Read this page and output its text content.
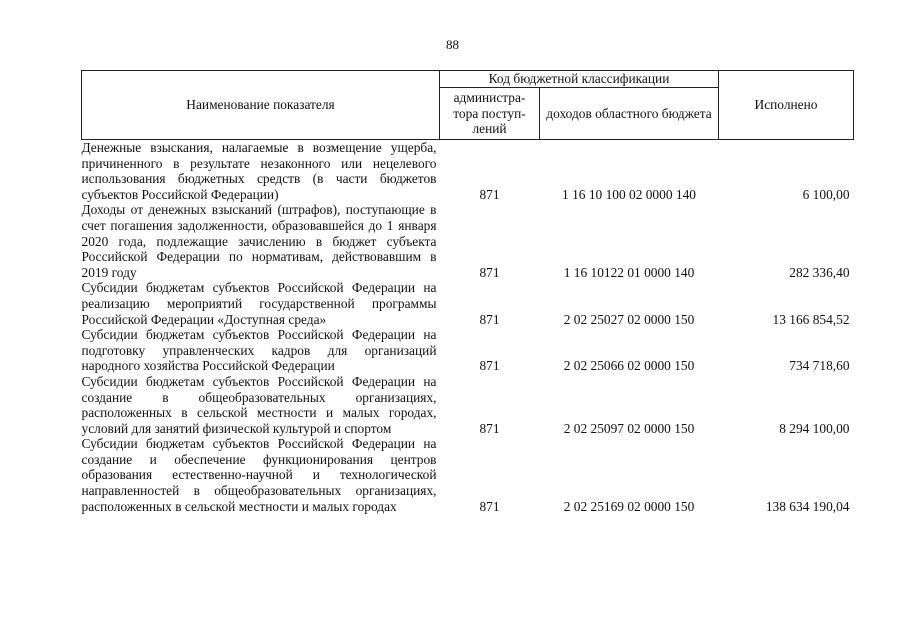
88
Наименование показателя	Код бюджетной классификации		Исполнено
	администра-тора поступ-лений	доходов областного бюджета	
Денежные взыскания, налагаемые в возмещение ущерба, причиненного в результате незаконного или нецелевого использования бюджетных средств (в части бюджетов субъектов Российской Федерации)	871	1 16 10 100 02 0000 140	6 100,00
Доходы от денежных взысканий (штрафов), поступающие в счет погашения задолженности, образовавшейся до 1 января 2020 года, подлежащие зачислению в бюджет субъекта Российской Федерации по нормативам, действовавшим в 2019 году	871	1 16 10122 01 0000 140	282 336,40
Субсидии бюджетам субъектов Российской Федерации на реализацию мероприятий государственной программы Российской Федерации «Доступная среда»	871	2 02 25027 02 0000 150	13 166 854,52
Субсидии бюджетам субъектов Российской Федерации на подготовку управленческих кадров для организаций народного хозяйства Российской Федерации	871	2 02 25066 02 0000 150	734 718,60
Субсидии бюджетам субъектов Российской Федерации на создание в общеобразовательных организациях, расположенных в сельской местности и малых городах, условий для занятий физической культурой и спортом	871	2 02 25097 02 0000 150	8 294 100,00
Субсидии бюджетам субъектов Российской Федерации на создание и обеспечение функционирования центров образования естественно-научной и технологической направленностей в общеобразовательных организациях, расположенных в сельской местности и малых городах	871	2 02 25169 02 0000 150	138 634 190,04
